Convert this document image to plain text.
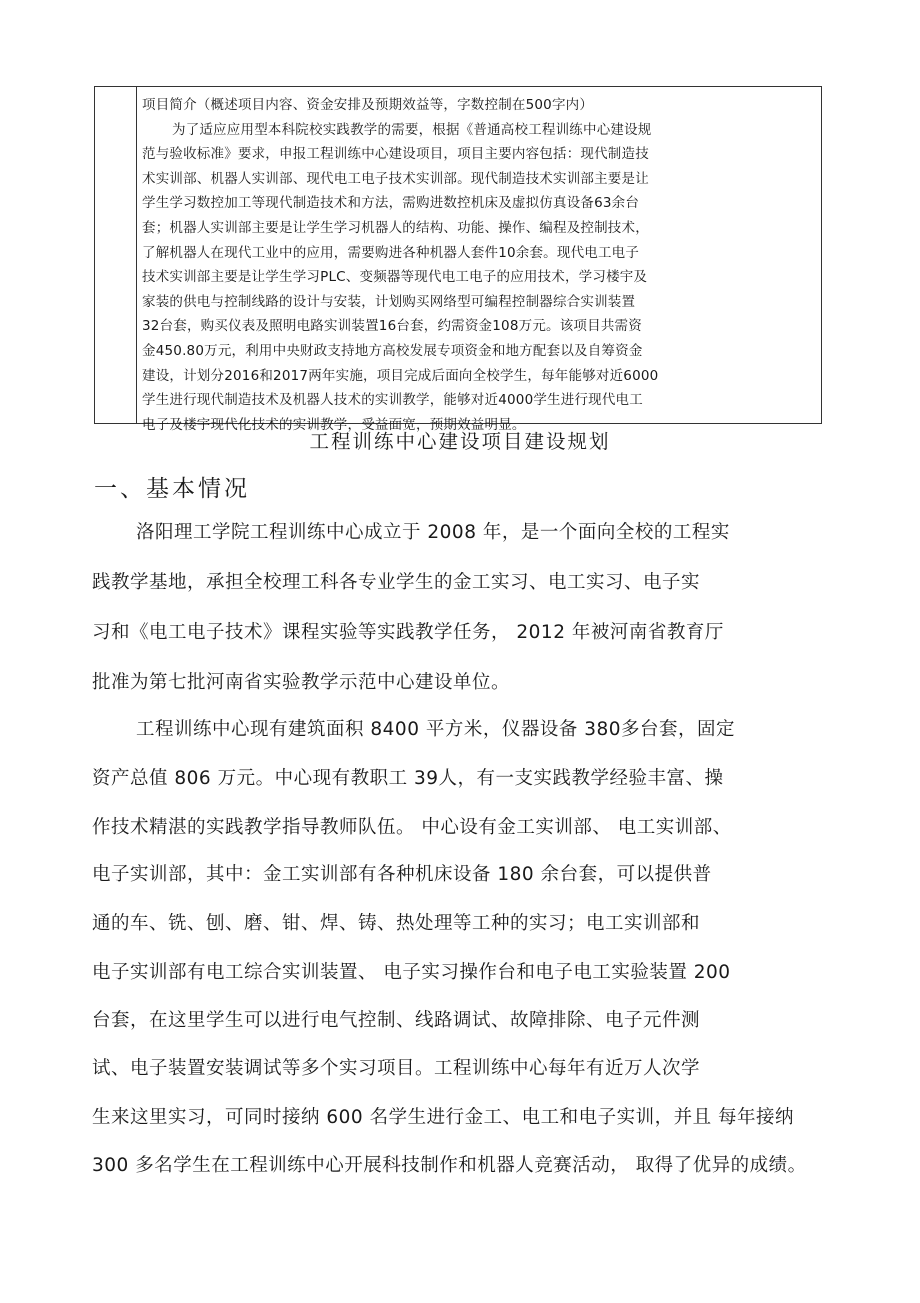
项目简介（概述项目内容、资金安排及预期效益等，字数控制在500字内）
为了适应应用型本科院校实践教学的需要，根据《普通高校工程训练中心建设规
范与验收标准》要求，申报工程训练中心建设项目，项目主要内容包括：现代制造技
术实训部、机器人实训部、现代电工电子技术实训部。现代制造技术实训部主要是让
学生学习数控加工等现代制造技术和方法，需购进数控机床及虚拟仿真设备63余台
套；机器人实训部主要是让学生学习机器人的结构、功能、操作、编程及控制技术，
了解机器人在现代工业中的应用，需要购进各种机器人套件10余套。现代电工电子
技术实训部主要是让学生学习PLC、变频器等现代电工电子的应用技术，学习楼宇及
家装的供电与控制线路的设计与安装，计划购买网络型可编程控制器综合实训装置
32台套，购买仪表及照明电路实训装置16台套，约需资金108万元。该项目共需资
金450.80万元，利用中央财政支持地方高校发展专项资金和地方配套以及自筹资金
建设，计划分2016和2017两年实施，项目完成后面向全校学生，每年能够对近6000
学生进行现代制造技术及机器人技术的实训教学，能够对近4000学生进行现代电工
电子及楼宇现代化技术的实训教学，受益面宽，预期效益明显。
工程训练中心建设项目建设规划
一、基本情况
洛阳理工学院工程训练中心成立于 2008 年，是一个面向全校的工程实
践教学基地，承担全校理工科各专业学生的金工实习、电工实习、电子实
习和《电工电子技术》课程实验等实践教学任务， 2012 年被河南省教育厅
批准为第七批河南省实验教学示范中心建设单位。
工程训练中心现有建筑面积 8400 平方米，仪器设备 380多台套，固定
资产总值 806 万元。中心现有教职工 39人，有一支实践教学经验丰富、操
作技术精湛的实践教学指导教师队伍。 中心设有金工实训部、 电工实训部、
电子实训部，其中：金工实训部有各种机床设备 180 余台套，可以提供普
通的车、铣、刨、磨、钳、焊、铸、热处理等工种的实习；电工实训部和
电子实训部有电工综合实训装置、 电子实习操作台和电子电工实验装置 200
台套，在这里学生可以进行电气控制、线路调试、故障排除、电子元件测
试、电子装置安装调试等多个实习项目。工程训练中心每年有近万人次学
生来这里实习，可同时接纳 600 名学生进行金工、电工和电子实训，并且 每年接纳
300 多名学生在工程训练中心开展科技制作和机器人竞赛活动， 取得了优异的成绩。
